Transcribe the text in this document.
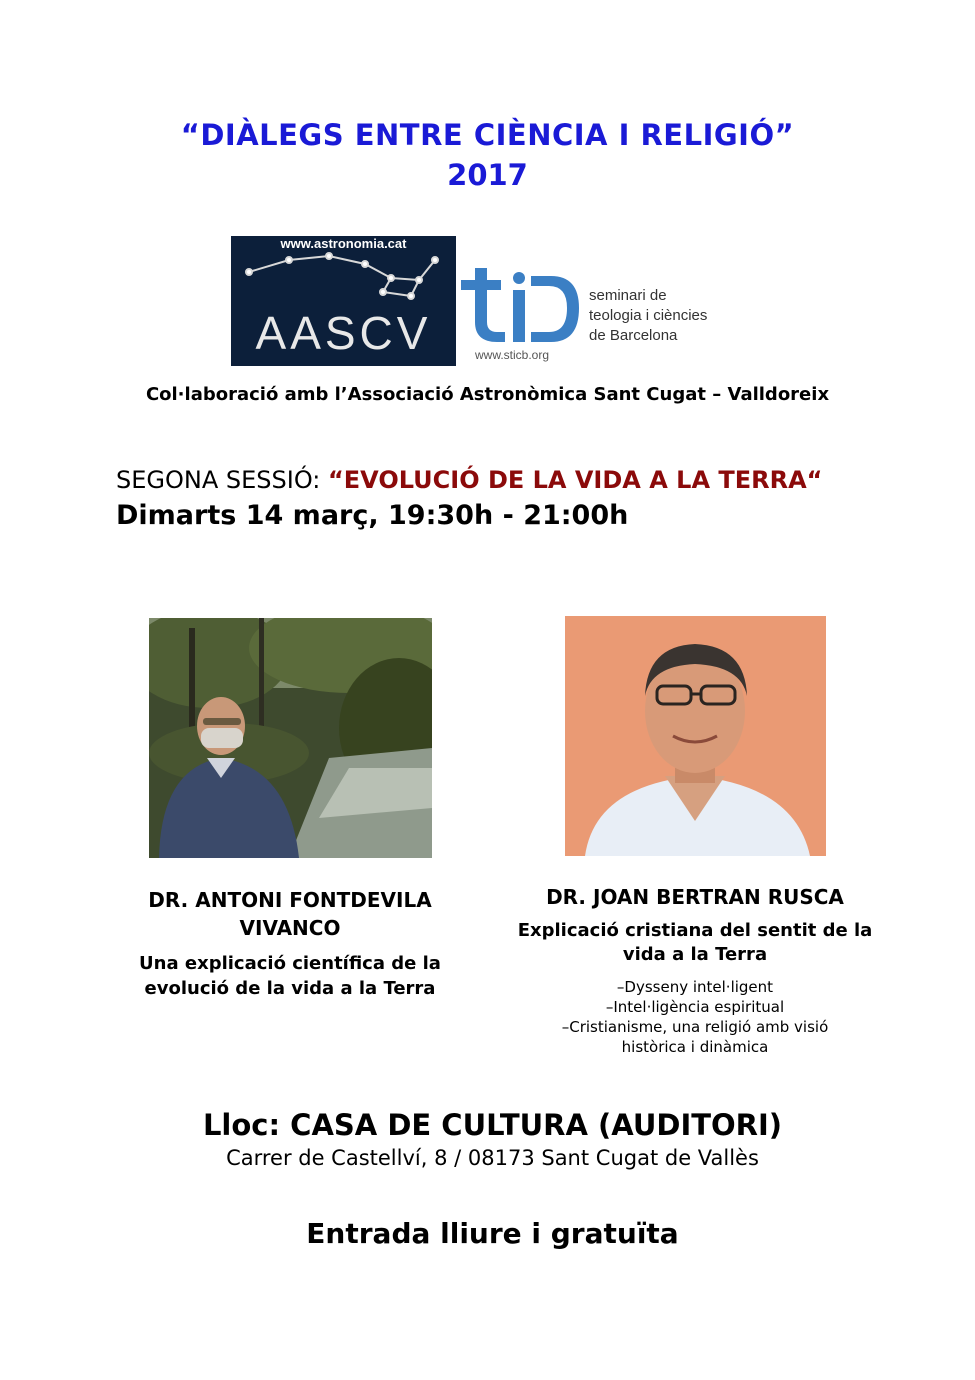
“DIÀLEGS ENTRE CIÈNCIA I RELIGIÓ”
2017
www.astronomia.cat
AASCV
seminari de
teologia i ciències
de Barcelona
www.sticb.org
Col·laboració amb l’Associació Astronòmica Sant Cugat – Valldoreix
SEGONA SESSIÓ: “EVOLUCIÓ DE LA VIDA A LA TERRA“
Dimarts 14 març, 19:30h - 21:00h
DR. ANTONI FONTDEVILA VIVANCO
Una explicació científica de la evolució de la vida a la Terra
DR. JOAN BERTRAN RUSCA
Explicació cristiana del sentit de la vida a la Terra
–Dysseny intel·ligent
–Intel·ligència espiritual
–Cristianisme, una religió amb visió
històrica i dinàmica
Lloc: CASA DE CULTURA (AUDITORI)
Carrer de Castellví, 8 / 08173 Sant Cugat de Vallès
Entrada lliure i gratuïta
